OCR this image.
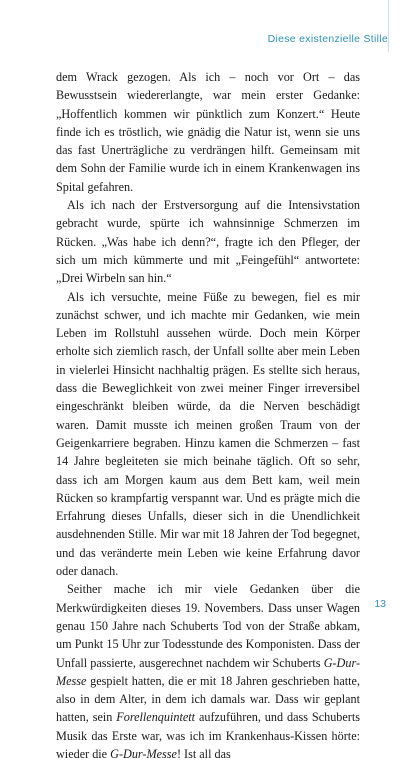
Diese existenzielle Stille

dem Wrack gezogen. Als ich – noch vor Ort – das Bewusstsein wiedererlangte, war mein erster Gedanke: „Hoffentlich kommen wir pünktlich zum Konzert.“ Heute finde ich es tröstlich, wie gnädig die Natur ist, wenn sie uns das fast Unerträgliche zu verdrängen hilft. Gemeinsam mit dem Sohn der Familie wurde ich in einem Krankenwagen ins Spital gefahren.

Als ich nach der Erstversorgung auf die Intensivstation gebracht wurde, spürte ich wahnsinnige Schmerzen im Rücken. „Was habe ich denn?“, fragte ich den Pfleger, der sich um mich kümmerte und mit „Feingefühl“ antwortete: „Drei Wirbeln san hin.“

Als ich versuchte, meine Füße zu bewegen, fiel es mir zunächst schwer, und ich machte mir Gedanken, wie mein Leben im Rollstuhl aussehen würde. Doch mein Körper erholte sich ziemlich rasch, der Unfall sollte aber mein Leben in vielerlei Hinsicht nachhaltig prägen. Es stellte sich heraus, dass die Beweglichkeit von zwei meiner Finger irreversibel eingeschränkt bleiben würde, da die Nerven beschädigt waren. Damit musste ich meinen großen Traum von der Geigenkarriere begraben. Hinzu kamen die Schmerzen – fast 14 Jahre begleiteten sie mich beinahe täglich. Oft so sehr, dass ich am Morgen kaum aus dem Bett kam, weil mein Rücken so krampfartig verspannt war. Und es prägte mich die Erfahrung dieses Unfalls, dieser sich in die Unendlichkeit ausdehnenden Stille. Mir war mit 18 Jahren der Tod begegnet, und das veränderte mein Leben wie keine Erfahrung davor oder danach.

Seither mache ich mir viele Gedanken über die Merkwürdigkeiten dieses 19. Novembers. Dass unser Wagen genau 150 Jahre nach Schuberts Tod von der Straße abkam, um Punkt 15 Uhr zur Todesstunde des Komponisten. Dass der Unfall passierte, ausgerechnet nachdem wir Schuberts G-Dur-Messe gespielt hatten, die er mit 18 Jahren geschrieben hatte, also in dem Alter, in dem ich damals war. Dass wir geplant hatten, sein Forellenquintett aufzuführen, und dass Schuberts Musik das Erste war, was ich im Krankenhaus-Kissen hörte: wieder die G-Dur-Messe! Ist all das

13
